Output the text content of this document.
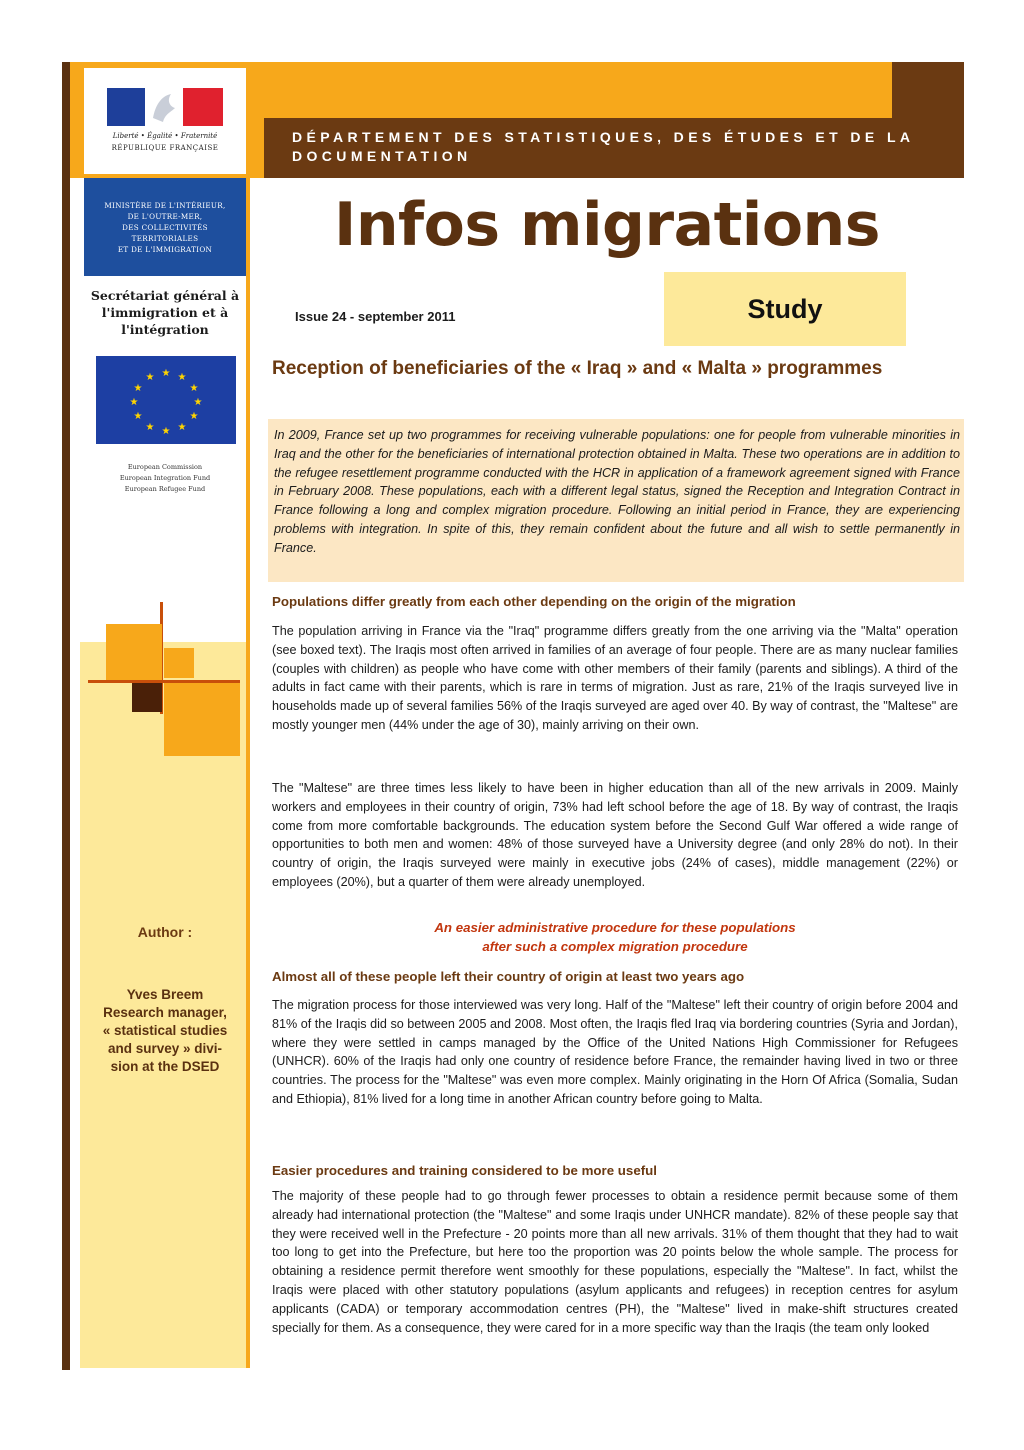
DÉPARTEMENT DES STATISTIQUES, DES ÉTUDES ET DE LA DOCUMENTATION
Liberté • Égalité • Fraternité
RÉPUBLIQUE FRANÇAISE
MINISTÈRE DE L'INTÉRIEUR,
DE L'OUTRE-MER,
DES COLLECTIVITÉS
TERRITORIALES
ET DE L'IMMIGRATION
Secrétariat général à
l'immigration et à
l'intégration
★ ★
★
★
★
★
★
★
★
★
★
★
European Commission
European Integration Fund
European Refugee Fund
Author :
Yves Breem
Research manager,
« statistical studies
and survey » divi-
sion at the DSED
Infos migrations
Issue 24 - september 2011	Study
Reception of beneficiaries of the « Iraq » and « Malta » programmes
In 2009, France set up two programmes for receiving vulnerable populations: one for people from vulnerable minorities in Iraq and the other for the beneficiaries of international protection obtained in Malta. These two operations are in addition to the refugee resettlement programme conducted with the HCR in application of a framework agreement signed with France in February 2008. These populations, each with a different legal status, signed the Reception and Integration Contract in France following a long and complex migration procedure. Following an initial period in France, they are experiencing problems with integration. In spite of this, they remain confident about the future and all wish to settle permanently in France.
Populations differ greatly from each other depending on the origin of the migration
The population arriving in France via the "Iraq" programme differs greatly from the one arriving via the "Malta" operation (see boxed text). The Iraqis most often arrived in families of an average of four people. There are as many nuclear families (couples with children) as people who have come with other members of their family (parents and siblings). A third of the adults in fact came with their parents, which is rare in terms of migration. Just as rare, 21% of the Iraqis surveyed live in households made up of several families 56% of the Iraqis surveyed are aged over 40. By way of contrast, the "Maltese" are mostly younger men (44% under the age of 30), mainly arriving on their own.
The "Maltese" are three times less likely to have been in higher education than all of the new arrivals in 2009. Mainly workers and employees in their country of origin, 73% had left school before the age of 18. By way of contrast, the Iraqis come from more comfortable backgrounds. The education system before the Second Gulf War offered a wide range of opportunities to both men and women: 48% of those surveyed have a University degree (and only 28% do not). In their country of origin, the Iraqis surveyed were mainly in executive jobs (24% of cases), middle management (22%) or employees (20%), but a quarter of them were already unemployed.
An easier administrative procedure for these populations
after such a complex migration procedure
Almost all of these people left their country of origin at least two years ago
The migration process for those interviewed was very long. Half of the "Maltese" left their country of origin before 2004 and 81% of the Iraqis did so between 2005 and 2008. Most often, the Iraqis fled Iraq via bordering countries (Syria and Jordan), where they were settled in camps managed by the Office of the United Nations High Commissioner for Refugees (UNHCR). 60% of the Iraqis had only one country of residence before France, the remainder having lived in two or three countries. The process for the "Maltese" was even more complex. Mainly originating in the Horn Of Africa (Somalia, Sudan and Ethiopia), 81% lived for a long time in another African country before going to Malta.
Easier procedures and training considered to be more useful
The majority of these people had to go through fewer processes to obtain a residence permit because some of them already had international protection (the "Maltese" and some Iraqis under UNHCR mandate). 82% of these people say that they were received well in the Prefecture - 20 points more than all new arrivals. 31% of them thought that they had to wait too long to get into the Prefecture, but here too the proportion was 20 points below the whole sample. The process for obtaining a residence permit therefore went smoothly for these populations, especially the "Maltese". In fact, whilst the Iraqis were placed with other statutory populations (asylum applicants and refugees) in reception centres for asylum applicants (CADA) or temporary accommodation centres (PH), the "Maltese" lived in make-shift structures created specially for them. As a consequence, they were cared for in a more specific way than the Iraqis (the team only looked
